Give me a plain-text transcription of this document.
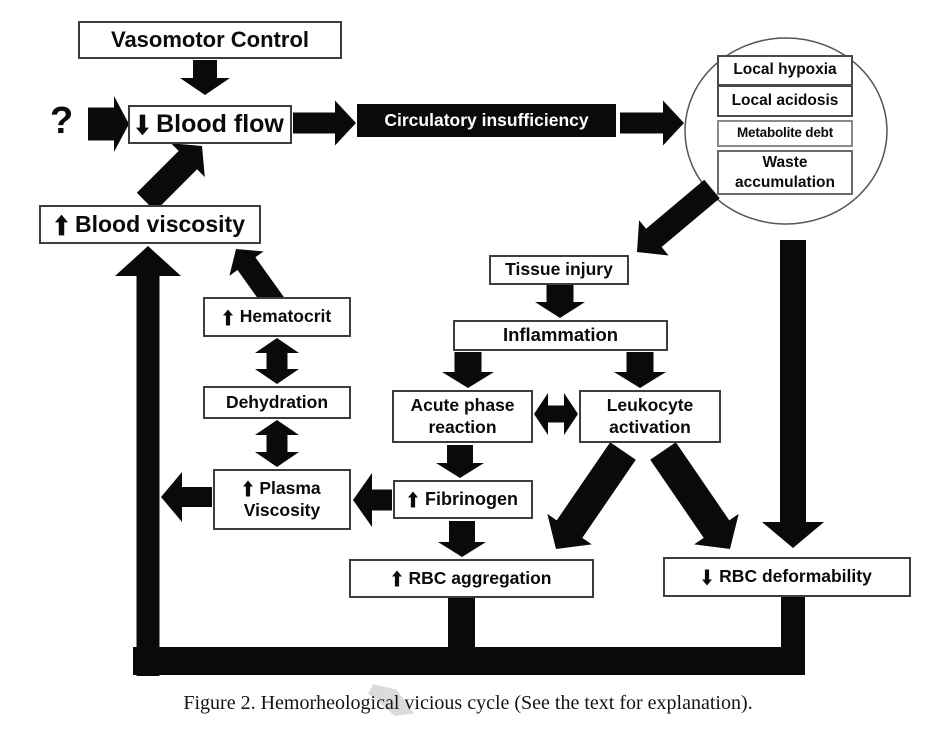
?
Vasomotor Control
Blood flow	Circulatory insufficiency
Local hypoxia
Local acidosis
Metabolite debt
Waste
accumulation
Blood viscosity
Tissue injury
Inflammation
Acute phase
reaction
Leukocyte
activation
Hematocrit
Dehydration
Plasma
Viscosity
Fibrinogen
RBC aggregation	RBC deformability
Figure 2. Hemorheological vicious cycle (See the text for explanation).
